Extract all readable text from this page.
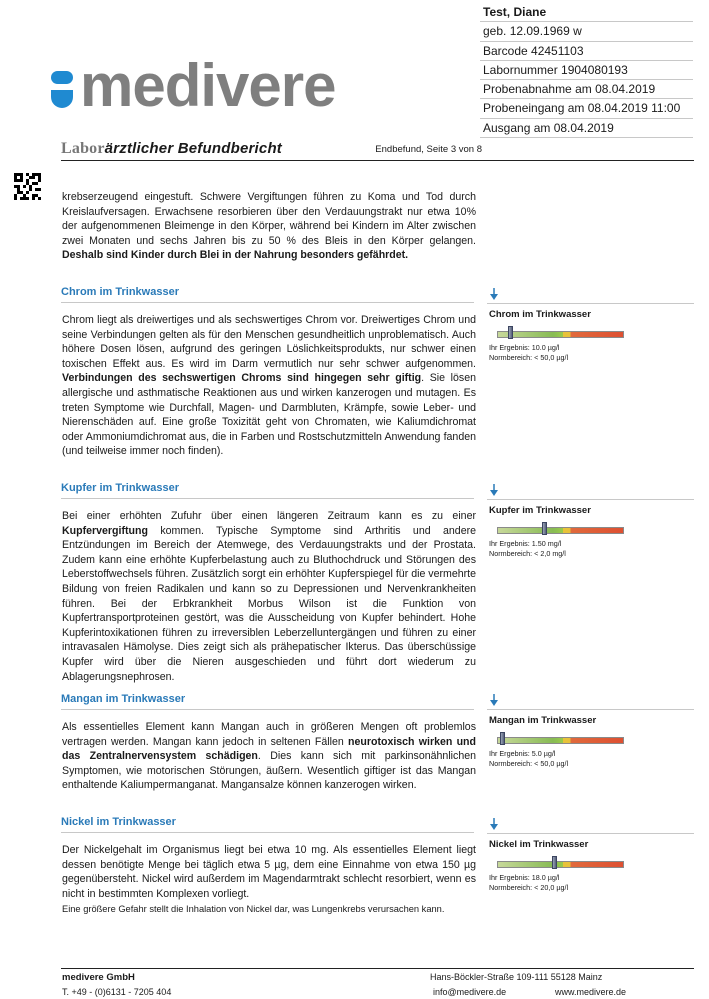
Test, Diane
geb. 12.09.1969 w
Barcode 42451103
Labornummer 1904080193
Probenabnahme am 08.04.2019
Probeneingang am 08.04.2019 11:00
Ausgang am 08.04.2019
medivere
Laborärztlicher Befundbericht	Endbefund, Seite 3 von 8
krebserzeugend eingestuft. Schwere Vergiftungen führen zu Koma und Tod durch Kreislaufversagen. Erwachsene resorbieren über den Verdauungstrakt nur etwa 10% der aufgenommenen Bleimenge in den Körper, während bei Kindern im Alter zwischen zwei Monaten und sechs Jahren bis zu 50 % des Bleis in den Körper gelangen. Deshalb sind Kinder durch Blei in der Nahrung besonders gefährdet.
Chrom im Trinkwasser
Chrom liegt als dreiwertiges und als sechswertiges Chrom vor. Dreiwertiges Chrom und seine Verbindungen gelten als für den Menschen gesundheitlich unproblematisch. Auch höhere Dosen lösen, aufgrund des geringen Löslichkeitsprodukts, nur schwer einen toxischen Effekt aus. Es wird im Darm vermutlich nur sehr schwer aufgenommen. Verbindungen des sechswertigen Chroms sind hingegen sehr giftig. Sie lösen allergische und asthmatische Reaktionen aus und wirken kanzerogen und mutagen. Es treten Symptome wie Durchfall, Magen- und Darmbluten, Krämpfe, sowie Leber- und Nierenschäden auf. Eine große Toxizität geht von Chromaten, wie Kaliumdichromat oder Ammoniumdichromat aus, die in Farben und Rostschutzmitteln Anwendung fanden (und teilweise immer noch finden).
Chrom im Trinkwasser
Ihr Ergebnis: 10.0 µg/l
Normbereich: < 50,0 µg/l
Kupfer im Trinkwasser
Bei einer erhöhten Zufuhr über einen längeren Zeitraum kann es zu einer Kupfervergiftung kommen. Typische Symptome sind Arthritis und andere Entzündungen im Bereich der Atemwege, des Verdauungstrakts und der Prostata. Zudem kann eine erhöhte Kupferbelastung auch zu Bluthochdruck und Störungen des Leberstoffwechsels führen. Zusätzlich sorgt ein erhöhter Kupferspiegel für die vermehrte Bildung von freien Radikalen und kann so zu Depressionen und Nervenkrankheiten führen. Bei der Erbkrankheit Morbus Wilson ist die Funktion von Kupfertransportproteinen gestört, was die Ausscheidung von Kupfer behindert. Hohe Kupferintoxikationen führen zu irreversiblen Leberzelluntergängen und führen zu einer intravasalen Hämolyse. Dies zeigt sich als prähepatischer Ikterus. Das überschüssige Kupfer wird über die Nieren ausgeschieden und führt dort wiederum zu Ablagerungsnephrosen.
Kupfer im Trinkwasser
Ihr Ergebnis: 1.50 mg/l
Normbereich: < 2,0 mg/l
Mangan im Trinkwasser
Als essentielles Element kann Mangan auch in größeren Mengen oft problemlos vertragen werden. Mangan kann jedoch in seltenen Fällen neurotoxisch wirken und das Zentralnervensystem schädigen. Dies kann sich mit parkinsonähnlichen Symptomen, wie motorischen Störungen, äußern. Wesentlich giftiger ist das Mangan enthaltende Kaliumpermanganat. Mangansalze können kanzerogen wirken.
Mangan im Trinkwasser
Ihr Ergebnis: 5.0 µg/l
Normbereich: < 50,0 µg/l
Nickel im Trinkwasser
Der Nickelgehalt im Organismus liegt bei etwa 10 mg. Als essentielles Element liegt dessen benötigte Menge bei täglich etwa 5 µg, dem eine Einnahme von etwa 150 µg gegenübersteht. Nickel wird außerdem im Magendarmtrakt schlecht resorbiert, wenn es nicht in bestimmten Komplexen vorliegt.
Eine größere Gefahr stellt die Inhalation von Nickel dar, was Lungenkrebs verursachen kann.
Nickel im Trinkwasser
Ihr Ergebnis: 18.0 µg/l
Normbereich: < 20,0 µg/l
medivere GmbH
T. +49 - (0)6131 - 7205 404
Hans-Böckler-Straße 109-111 55128 Mainz
info@medivere.de	www.medivere.de
